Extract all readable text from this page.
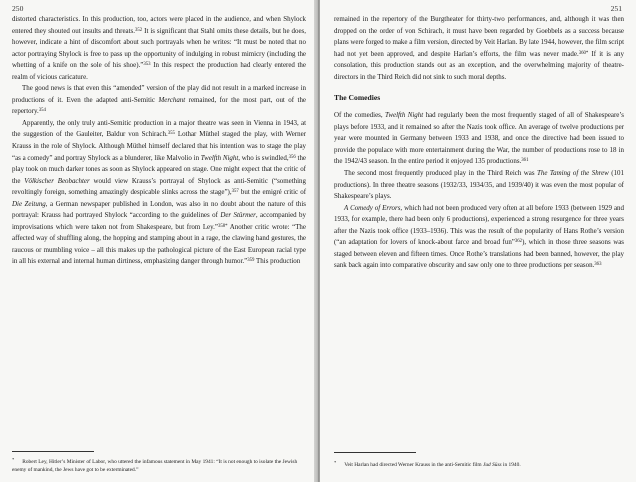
250

distorted characteristics. In this production, too, actors were placed in the audience, and when Shylock entered they shouted out insults and threats.$^{352}$ It is significant that Stahl omits these details, but he does, however, indicate a hint of discomfort about such portrayals when he writes: “It must be noted that no actor portraying Shylock is free to pass up the opportunity of indulging in robust mimicry (including the whetting of a knife on the sole of his shoe).”$^{353}$ In this respect the production had clearly entered the realm of vicious caricature.

The good news is that even this “amended” version of the play did not result in a marked increase in productions of it. Even the adapted anti-Semitic Merchant remained, for the most part, out of the repertory.$^{354}$

Apparently, the only truly anti-Semitic production in a major theatre was seen in Vienna in 1943, at the suggestion of the Gauleiter, Baldur von Schirach.$^{355}$ Lothar Müthel staged the play, with Werner Krauss in the role of Shylock. Although Müthel himself declared that his intention was to stage the play “as a comedy” and portray Shylock as a blunderer, like Malvolio in Twelfth Night, who is swindled,$^{356}$ the play took on much darker tones as soon as Shylock appeared on stage. One might expect that the critic of the Völkischer Beobachter would view Krauss’s portrayal of Shylock as anti-Semitic (“something revoltingly foreign, something amazingly despicable slinks across the stage”),$^{357}$ but the emigré critic of Die Zeitung, a German newspaper published in London, was also in no doubt about the nature of this portrayal: Krauss had portrayed Shylock “according to the guidelines of Der Stürmer, accompanied by improvisations which were taken not from Shakespeare, but from Ley.”$^{358*}$ Another critic wrote: “The affected way of shuffling along, the hopping and stamping about in a rage, the clawing hand gestures, the raucous or mumbling voice – all this makes up the pathological picture of the East European racial type in all his external and internal human dirtiness, emphasizing danger through humor.”$^{359}$ This production

* Robert Ley, Hitler’s Minister of Labor, who uttered the infamous statement in May 1941: “It is not enough to isolate the Jewish enemy of mankind, the Jews have got to be exterminated.”
251

remained in the repertory of the Burgtheater for thirty-two performances, and, although it was then dropped on the order of von Schirach, it must have been regarded by Goebbels as a success because plans were forged to make a film version, directed by Veit Harlan. By late 1944, however, the film script had not yet been approved, and despite Harlan’s efforts, the film was never made.$^{360*}$ If it is any consolation, this production stands out as an exception, and the overwhelming majority of theatre-directors in the Third Reich did not sink to such moral depths.

The Comedies

Of the comedies, Twelfth Night had regularly been the most frequently staged of all of Shakespeare’s plays before 1933, and it remained so after the Nazis took office. An average of twelve productions per year were mounted in Germany between 1933 and 1938, and once the directive had been issued to provide the populace with more entertainment during the War, the number of productions rose to 18 in the 1942/43 season. In the entire period it enjoyed 135 productions.$^{361}$

The second most frequently produced play in the Third Reich was The Taming of the Shrew (101 productions). In three theatre seasons (1932/33, 1934/35, and 1939/40) it was even the most popular of Shakespeare’s plays.

A Comedy of Errors, which had not been produced very often at all before 1933 (between 1929 and 1933, for example, there had been only 6 productions), experienced a strong resurgence for three years after the Nazis took office (1933–1936). This was the result of the popularity of Hans Rothe’s version (“an adaptation for lovers of knock-about farce and broad fun”$^{362}$), which in those three seasons was staged between eleven and fifteen times. Once Rothe’s translations had been banned, however, the play sank back again into comparative obscurity and saw only one to three productions per season.$^{363}$

* Veit Harlan had directed Werner Krauss in the anti-Semitic film Jud Süss in 1940.
